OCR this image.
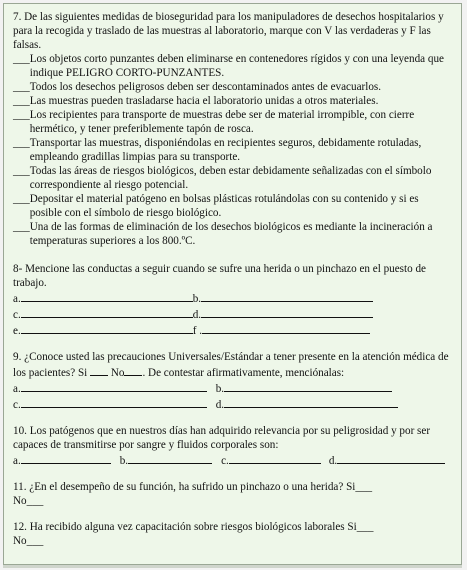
7. De las siguientes medidas de bioseguridad para los manipuladores de desechos hospitalarios y para la recogida y traslado de las muestras al laboratorio, marque con V las verdaderas y F las falsas.

___ Los objetos corto punzantes deben eliminarse en contenedores rígidos y con una leyenda que indique PELIGRO CORTO-PUNZANTES.
___ Todos los desechos peligrosos deben ser descontaminados antes de evacuarlos.
___ Las muestras pueden trasladarse hacia el laboratorio unidas a otros materiales.
___ Los recipientes para transporte de muestras debe ser de material irrompible, con cierre hermético, y tener preferiblemente tapón de rosca.
___ Transportar las muestras, disponiéndolas en recipientes seguros, debidamente rotuladas, empleando gradillas limpias para su transporte.
___ Todas las áreas de riesgos biológicos, deben estar debidamente señalizadas con el símbolo correspondiente al riesgo potencial.
___ Depositar el material patógeno en bolsas plásticas rotulándolas con su contenido y si es posible con el símbolo de riesgo biológico.
___ Una de las formas de eliminación de los desechos biológicos es mediante la incineración a temperaturas superiores a los 800.ºC.

8- Mencione las conductas a seguir cuando se sufre una herida o un pinchazo en el puesto de trabajo.

a.	b.
c.	d.
e.	f .

9. ¿Conoce usted las precauciones Universales/Estándar a tener presente en la atención médica de los pacientes? Si  No . De contestar afirmativamente, menciónalas:

a.	b.
c.	d.

10. Los patógenos que en nuestros días han adquirido relevancia por su peligrosidad y por ser capaces de transmitirse por sangre y fluidos corporales son:

a.	b.	c.	d.

11. ¿En el desempeño de su función, ha sufrido un pinchazo o una herida? Si___

No___

12. Ha recibido alguna vez capacitación sobre riesgos biológicos laborales Si___

No___
